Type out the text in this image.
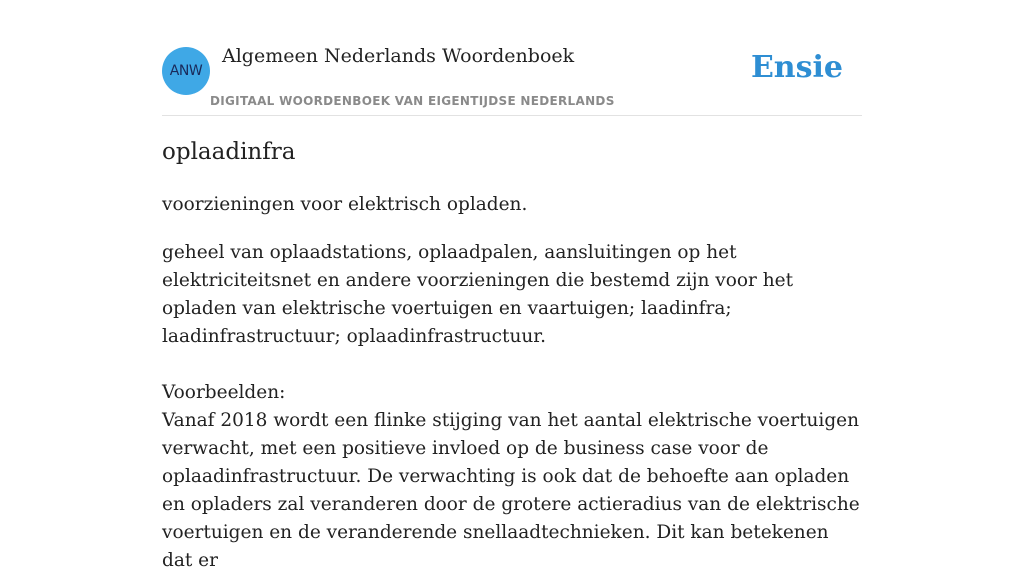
ANW
Algemeen Nederlands Woordenboek
DIGITAAL WOORDENBOEK VAN EIGENTIJDSE NEDERLANDS
Ensie
oplaadinfra

voorzieningen voor elektrisch opladen.

geheel van oplaadstations, oplaadpalen, aansluitingen op het elektriciteitsnet en andere voorzieningen die bestemd zijn voor het opladen van elektrische voertuigen en vaartuigen; laadinfra; laadinfrastructuur; oplaadinfrastructuur.
Voorbeelden:
Vanaf 2018 wordt een flinke stijging van het aantal elektrische voertuigen verwacht, met een positieve invloed op de business case voor de oplaadinfrastructuur. De verwachting is ook dat de behoefte aan opladen en opladers zal veranderen door de grotere actieradius van de elektrische voertuigen en de veranderende snellaadtechnieken. Dit kan betekenen dat er
